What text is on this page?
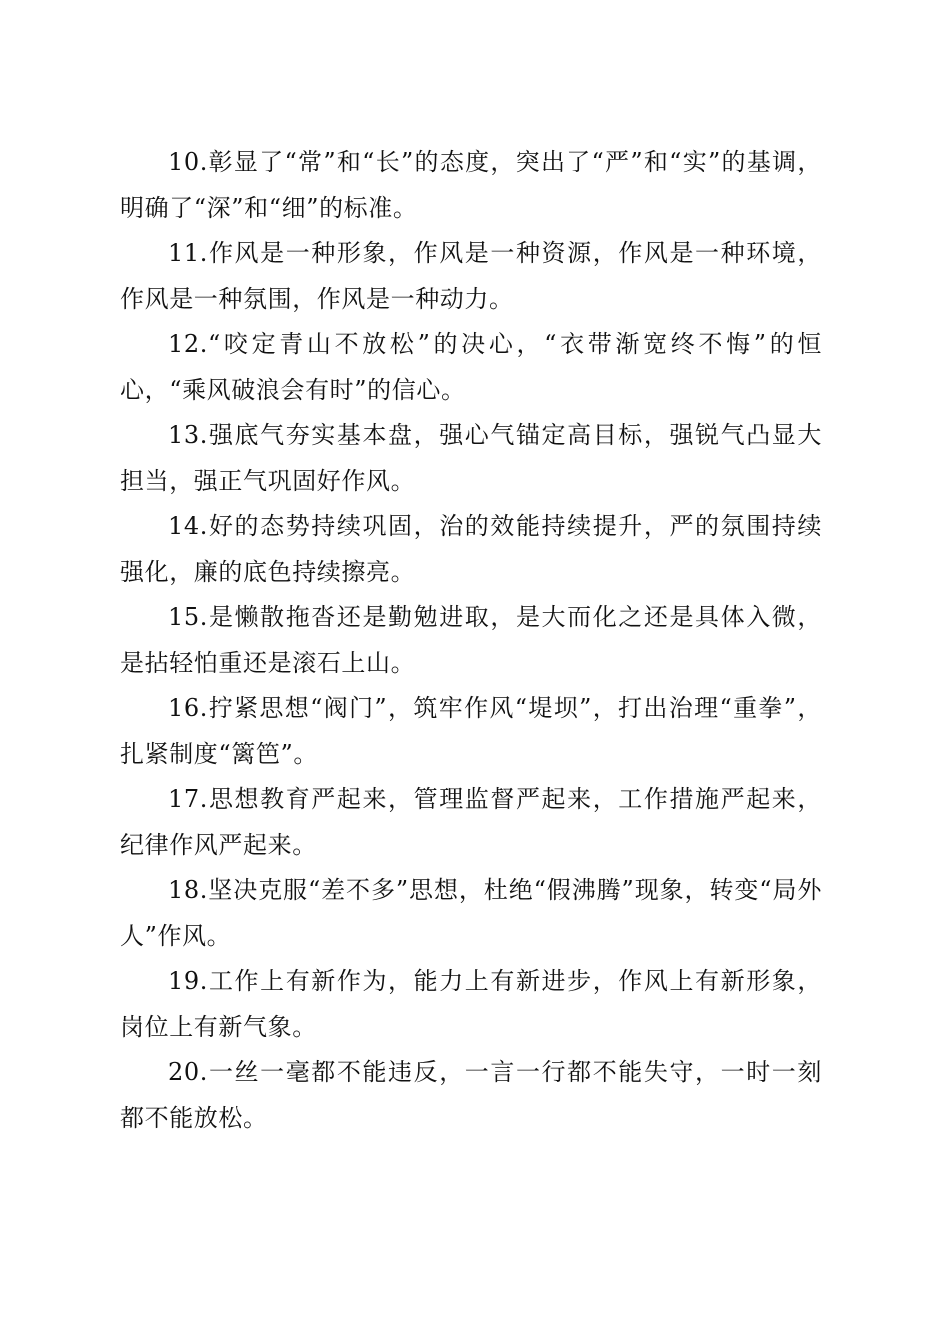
10.彰显了“常”和“长”的态度，突出了“严”和“实”的基调，明确了“深”和“细”的标准。

11.作风是一种形象，作风是一种资源，作风是一种环境，作风是一种氛围，作风是一种动力。

12.“咬定青山不放松”的决心，“衣带渐宽终不悔”的恒心，“乘风破浪会有时”的信心。

13.强底气夯实基本盘，强心气锚定高目标，强锐气凸显大担当，强正气巩固好作风。

14.好的态势持续巩固，治的效能持续提升，严的氛围持续强化，廉的底色持续擦亮。

15.是懒散拖沓还是勤勉进取，是大而化之还是具体入微，是拈轻怕重还是滚石上山。

16.拧紧思想“阀门”，筑牢作风“堤坝”，打出治理“重拳”，扎紧制度“篱笆”。

17.思想教育严起来，管理监督严起来，工作措施严起来，纪律作风严起来。

18.坚决克服“差不多”思想，杜绝“假沸腾”现象，转变“局外人”作风。

19.工作上有新作为，能力上有新进步，作风上有新形象，岗位上有新气象。

20.一丝一毫都不能违反，一言一行都不能失守，一时一刻都不能放松。
